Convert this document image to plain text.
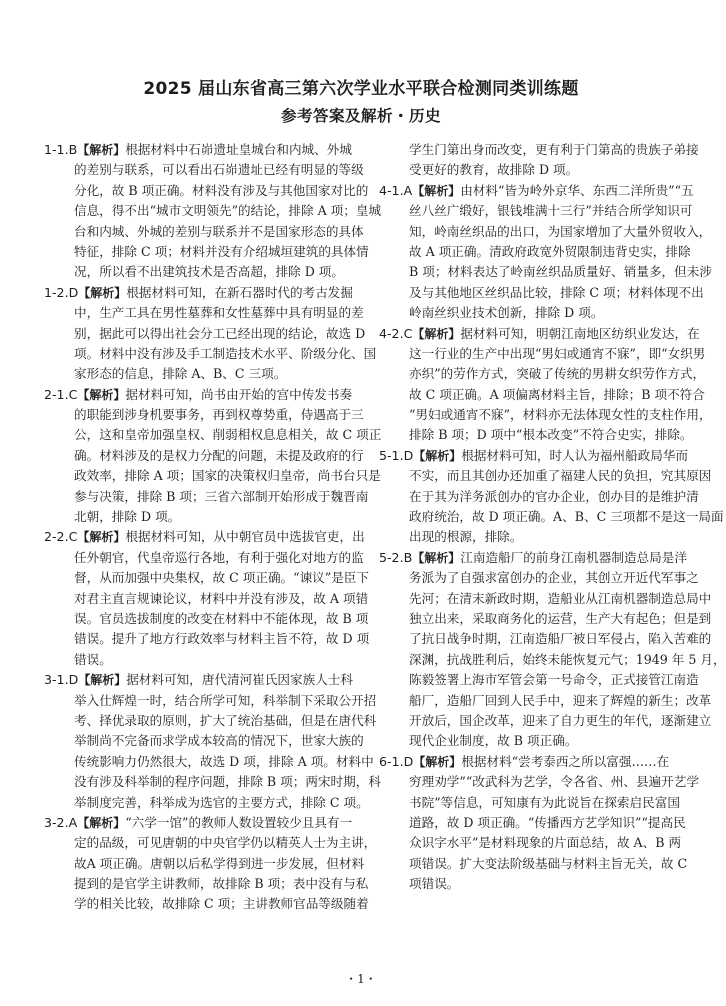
2025 届山东省高三第六次学业水平联合检测同类训练题
参考答案及解析・历史
1-1.B【解析】根据材料中石峁遗址皇城台和内城、外城
的差别与联系，可以看出石峁遗址已经有明显的等级
分化，故 B 项正确。材料没有涉及与其他国家对比的
信息，得不出“城市文明领先”的结论，排除 A 项；皇城
台和内城、外城的差别与联系并不是国家形态的具体
特征，排除 C 项；材料并没有介绍城垣建筑的具体情
况，所以看不出建筑技术是否高超，排除 D 项。
1-2.D【解析】根据材料可知，在新石器时代的考古发掘
中，生产工具在男性墓葬和女性墓葬中具有明显的差
别，据此可以得出社会分工已经出现的结论，故选 D
项。材料中没有涉及手工制造技术水平、阶级分化、国
家形态的信息，排除 A、B、C 三项。
2-1.C【解析】据材料可知，尚书由开始的宫中传发书奏
的职能到涉身机要事务，再到权尊势重，侍遇高于三
公，这和皇帝加强皇权、削弱相权息息相关，故 C 项正
确。材料涉及的是权力分配的问题，未提及政府的行
政效率，排除 A 项；国家的决策权归皇帝，尚书台只是
参与决策，排除 B 项；三省六部制开始形成于魏晋南
北朝，排除 D 项。
2-2.C【解析】根据材料可知，从中朝官员中选拔官吏，出
任外朝官，代皇帝巡行各地，有利于强化对地方的监
督，从而加强中央集权，故 C 项正确。“谏议”是臣下
对君主直言规谏论议，材料中并没有涉及，故 A 项错
误。官员选拔制度的改变在材料中不能体现，故 B 项
错误。提升了地方行政效率与材料主旨不符，故 D 项
错误。
3-1.D【解析】据材料可知，唐代清河崔氏因家族人士科
举入仕辉煌一时，结合所学可知，科举制下采取公开招
考、择优录取的原则，扩大了统治基础，但是在唐代科
举制尚不完备而求学成本较高的情况下，世家大族的
传统影响力仍然很大，故选 D 项，排除 A 项。材料中
没有涉及科举制的程序问题，排除 B 项；两宋时期，科
举制度完善，科举成为选官的主要方式，排除 C 项。
3-2.A【解析】“六学一馆”的教师人数设置较少且具有一
定的品级，可见唐朝的中央官学仍以精英人士为主讲，
故A 项正确。唐朝以后私学得到进一步发展，但材料
提到的是官学主讲教师，故排除 B 项；表中没有与私
学的相关比较，故排除 C 项；主讲教师官品等级随着
学生门第出身而改变，更有利于门第高的贵族子弟接
受更好的教育，故排除 D 项。
4-1.A【解析】由材料“皆为岭外京华、东西二洋所贵”“五
丝八丝广缎好，银钱堆满十三行”并结合所学知识可
知，岭南丝织品的出口，为国家增加了大量外贸收入，
故 A 项正确。清政府政宽外贸限制违背史实，排除
B 项；材料表达了岭南丝织品质量好、销量多，但未涉
及与其他地区丝织品比较，排除 C 项；材料体现不出
岭南丝织业技术创新，排除 D 项。
4-2.C【解析】据材料可知，明朝江南地区纺织业发达，在
这一行业的生产中出现“男妇或通宵不寐”，即“女织男
亦织”的劳作方式，突破了传统的男耕女织劳作方式，
故 C 项正确。A 项偏离材料主旨，排除；B 项不符合
“男妇或通宵不寐”，材料亦无法体现女性的支柱作用，
排除 B 项；D 项中“根本改变”不符合史实，排除。
5-1.D【解析】根据材料可知，时人认为福州船政局华而
不实，而且其创办还加重了福建人民的负担，究其原因
在于其为洋务派创办的官办企业，创办目的是维护清
政府统治，故 D 项正确。A、B、C 三项都不是这一局面
出现的根源，排除。
5-2.B【解析】江南造船厂的前身江南机器制造总局是洋
务派为了自强求富创办的企业，其创立开近代军事之
先河；在清末新政时期，造船业从江南机器制造总局中
独立出来，采取商务化的运营，生产大有起色；但是到
了抗日战争时期，江南造船厂被日军侵占，陷入苦难的
深渊，抗战胜利后，始终未能恢复元气；1949 年 5 月，
陈毅签署上海市军管会第一号命令，正式接管江南造
船厂，造船厂回到人民手中，迎来了辉煌的新生；改革
开放后，国企改革，迎来了自力更生的年代，逐渐建立
现代企业制度，故 B 项正确。
6-1.D【解析】根据材料“尝考泰西之所以富强……在
穷理劝学”“改武科为艺学，令各省、州、县遍开艺学
书院”等信息，可知康有为此说旨在探索启民富国
道路，故 D 项正确。“传播西方艺学知识”“提高民
众识字水平”是材料现象的片面总结，故 A、B 两
项错误。扩大变法阶级基础与材料主旨无关，故 C
项错误。
・1・
